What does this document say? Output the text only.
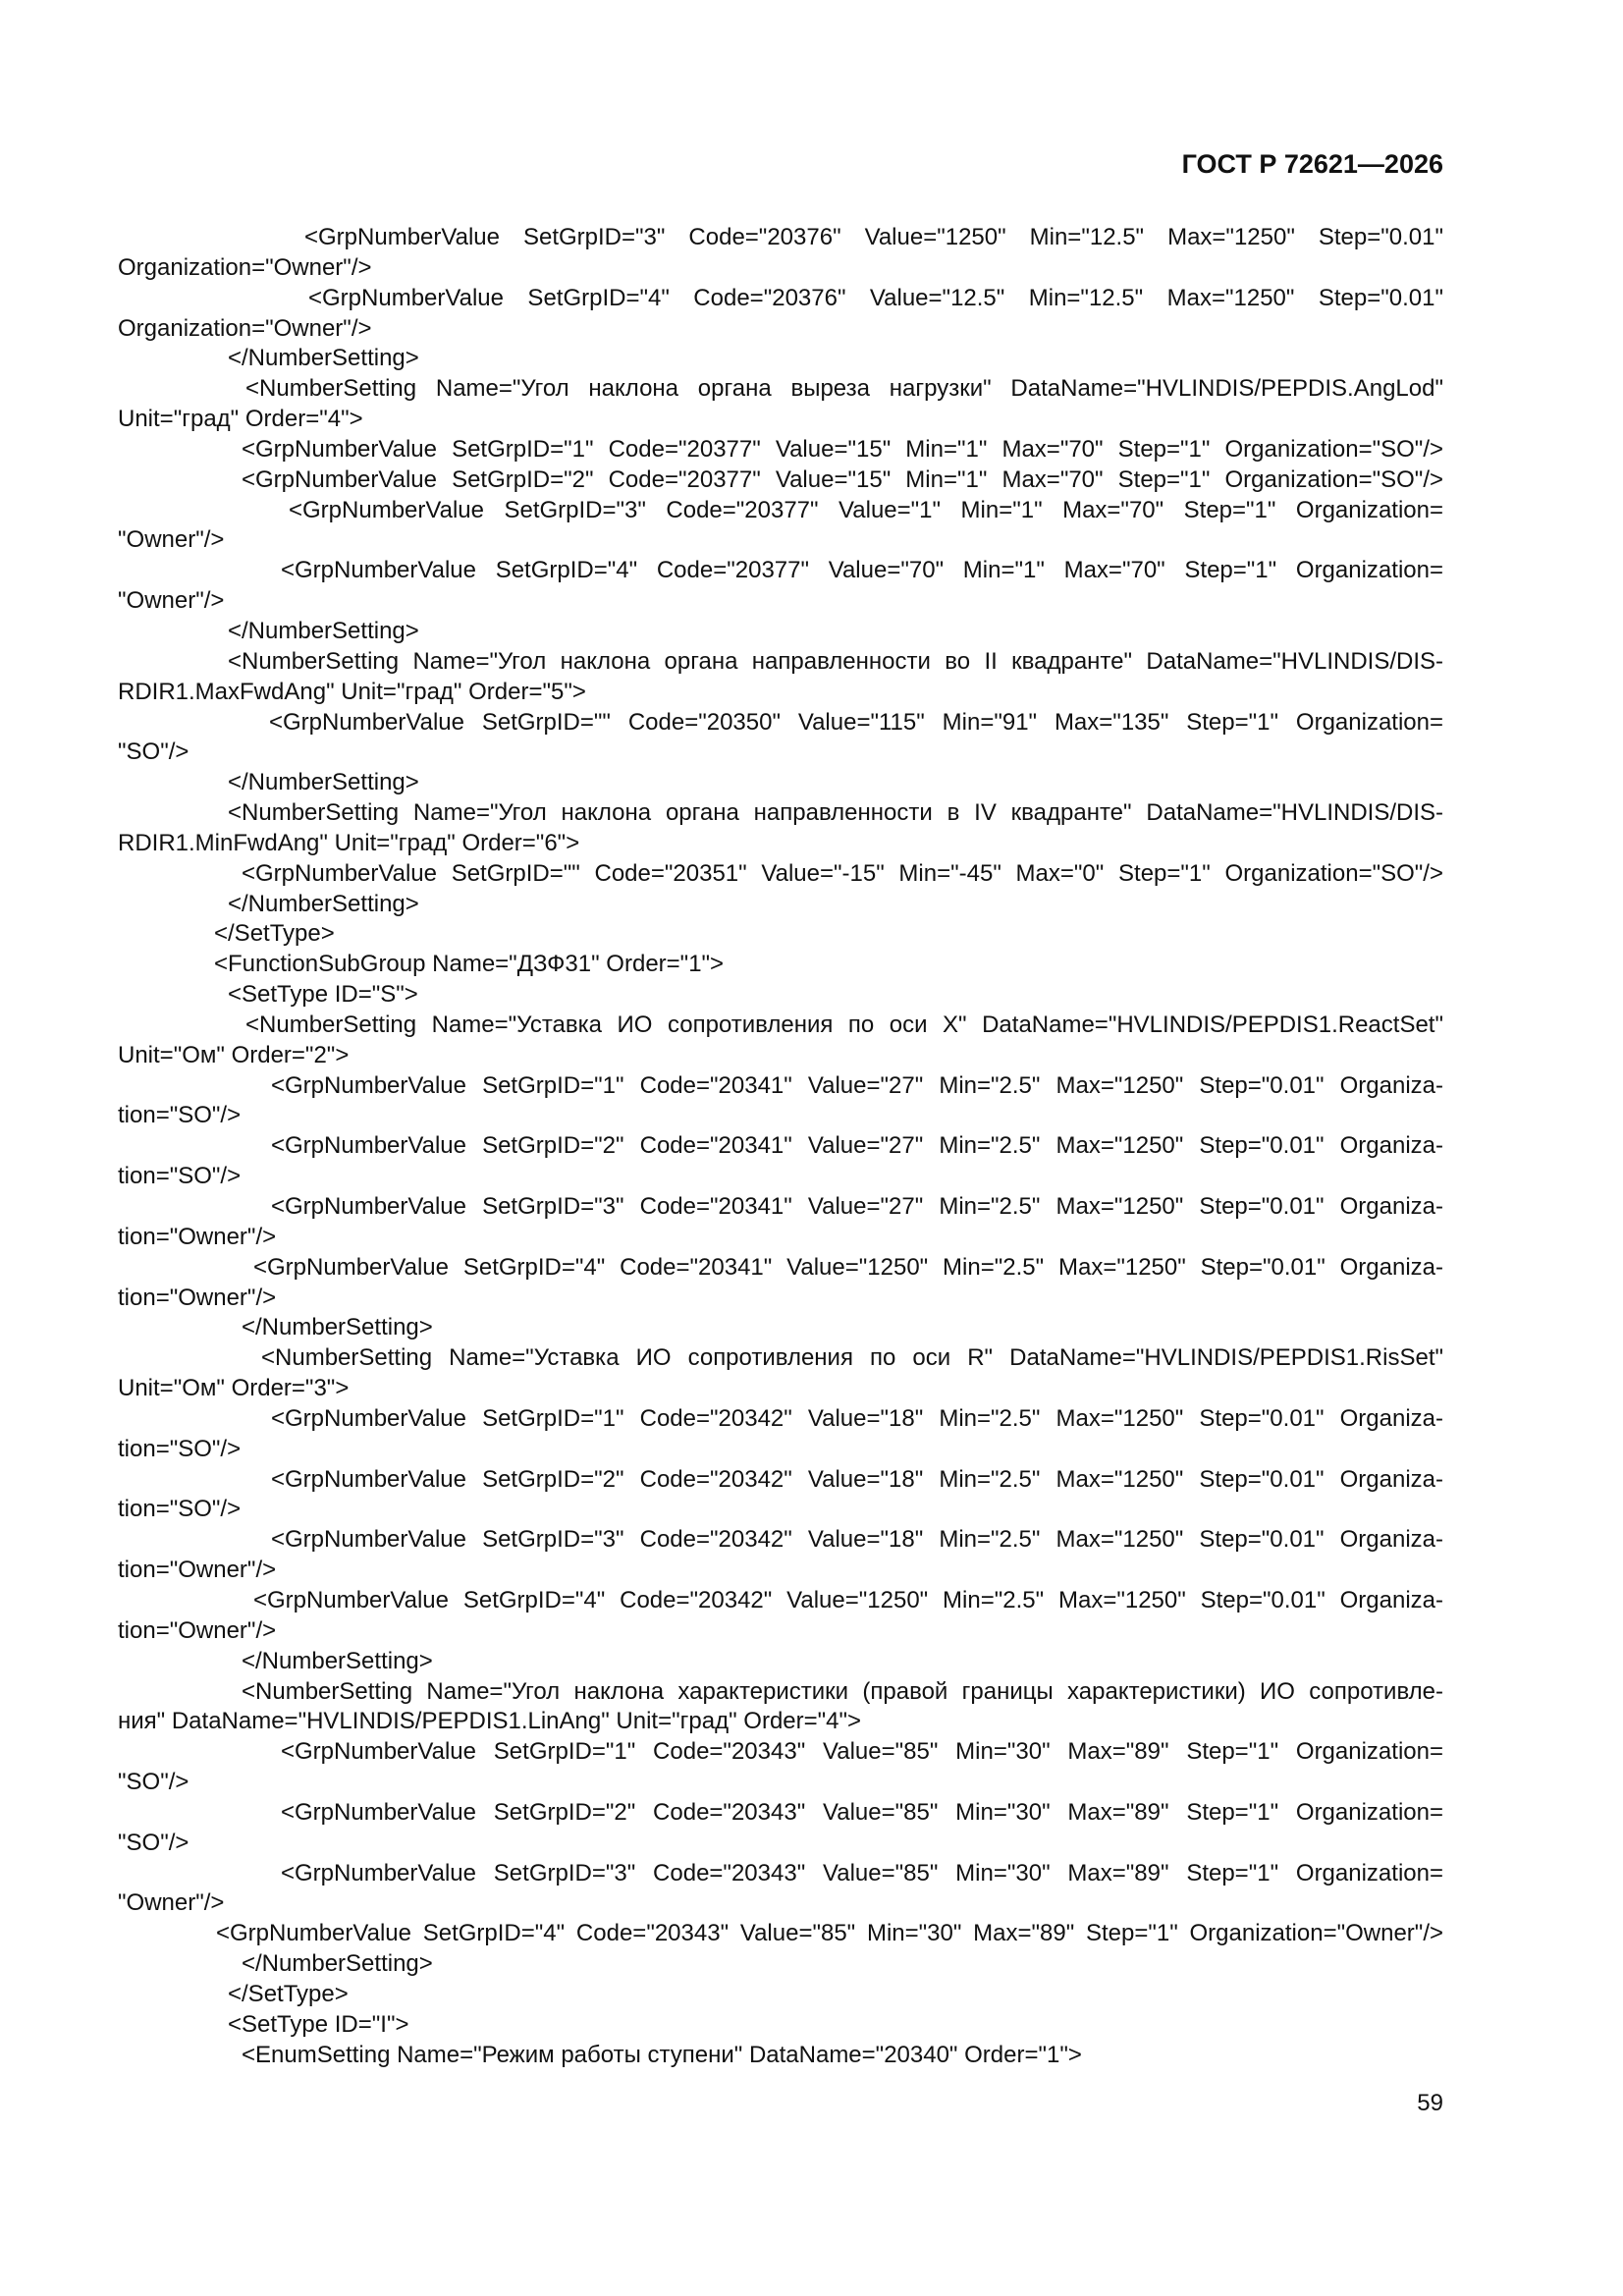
ГОСТ Р 72621—2026
<GrpNumberValue SetGrpID="3" Code="20376" Value="1250" Min="12.5" Max="1250" Step="0.01"
Organization="Owner"/>
<GrpNumberValue SetGrpID="4" Code="20376" Value="12.5" Min="12.5" Max="1250" Step="0.01"
Organization="Owner"/>
</NumberSetting>
<NumberSetting Name="Угол наклона органа выреза нагрузки" DataName="HVLINDIS/PEPDIS.AngLod"
Unit="град" Order="4">
<GrpNumberValue SetGrpID="1" Code="20377" Value="15" Min="1" Max="70" Step="1" Organization="SO"/>
<GrpNumberValue SetGrpID="2" Code="20377" Value="15" Min="1" Max="70" Step="1" Organization="SO"/>
<GrpNumberValue SetGrpID="3" Code="20377" Value="1" Min="1" Max="70" Step="1" Organization=
"Owner"/>
<GrpNumberValue SetGrpID="4" Code="20377" Value="70" Min="1" Max="70" Step="1" Organization=
"Owner"/>
</NumberSetting>
<NumberSetting Name="Угол наклона органа направленности во II квадранте" DataName="HVLINDIS/DIS-
RDIR1.MaxFwdAng" Unit="град" Order="5">
<GrpNumberValue SetGrpID="" Code="20350" Value="115" Min="91" Max="135" Step="1" Organization=
"SO"/>
</NumberSetting>
<NumberSetting Name="Угол наклона органа направленности в IV квадранте" DataName="HVLINDIS/DIS-
RDIR1.MinFwdAng" Unit="град" Order="6">
<GrpNumberValue SetGrpID="" Code="20351" Value="-15" Min="-45" Max="0" Step="1" Organization="SO"/>
</NumberSetting>
</SetType>
<FunctionSubGroup Name="ДЗФ31" Order="1">
<SetType ID="S">
<NumberSetting Name="Уставка ИО сопротивления по оси X" DataName="HVLINDIS/PEPDIS1.ReactSet"
Unit="Ом" Order="2">
<GrpNumberValue SetGrpID="1" Code="20341" Value="27" Min="2.5" Max="1250" Step="0.01" Organiza-
tion="SO"/>
<GrpNumberValue SetGrpID="2" Code="20341" Value="27" Min="2.5" Max="1250" Step="0.01" Organiza-
tion="SO"/>
<GrpNumberValue SetGrpID="3" Code="20341" Value="27" Min="2.5" Max="1250" Step="0.01" Organiza-
tion="Owner"/>
<GrpNumberValue SetGrpID="4" Code="20341" Value="1250" Min="2.5" Max="1250" Step="0.01" Organiza-
tion="Owner"/>
</NumberSetting>
<NumberSetting Name="Уставка ИО сопротивления по оси R" DataName="HVLINDIS/PEPDIS1.RisSet"
Unit="Ом" Order="3">
<GrpNumberValue SetGrpID="1" Code="20342" Value="18" Min="2.5" Max="1250" Step="0.01" Organiza-
tion="SO"/>
<GrpNumberValue SetGrpID="2" Code="20342" Value="18" Min="2.5" Max="1250" Step="0.01" Organiza-
tion="SO"/>
<GrpNumberValue SetGrpID="3" Code="20342" Value="18" Min="2.5" Max="1250" Step="0.01" Organiza-
tion="Owner"/>
<GrpNumberValue SetGrpID="4" Code="20342" Value="1250" Min="2.5" Max="1250" Step="0.01" Organiza-
tion="Owner"/>
</NumberSetting>
<NumberSetting Name="Угол наклона характеристики (правой границы характеристики) ИО сопротивле-
ния" DataName="HVLINDIS/PEPDIS1.LinAng" Unit="град" Order="4">
<GrpNumberValue SetGrpID="1" Code="20343" Value="85" Min="30" Max="89" Step="1" Organization=
"SO"/>
<GrpNumberValue SetGrpID="2" Code="20343" Value="85" Min="30" Max="89" Step="1" Organization=
"SO"/>
<GrpNumberValue SetGrpID="3" Code="20343" Value="85" Min="30" Max="89" Step="1" Organization=
"Owner"/>
<GrpNumberValue SetGrpID="4" Code="20343" Value="85" Min="30" Max="89" Step="1" Organization="Owner"/>
</NumberSetting>
</SetType>
<SetType ID="I">
<EnumSetting Name="Режим работы ступени" DataName="20340" Order="1">
59
